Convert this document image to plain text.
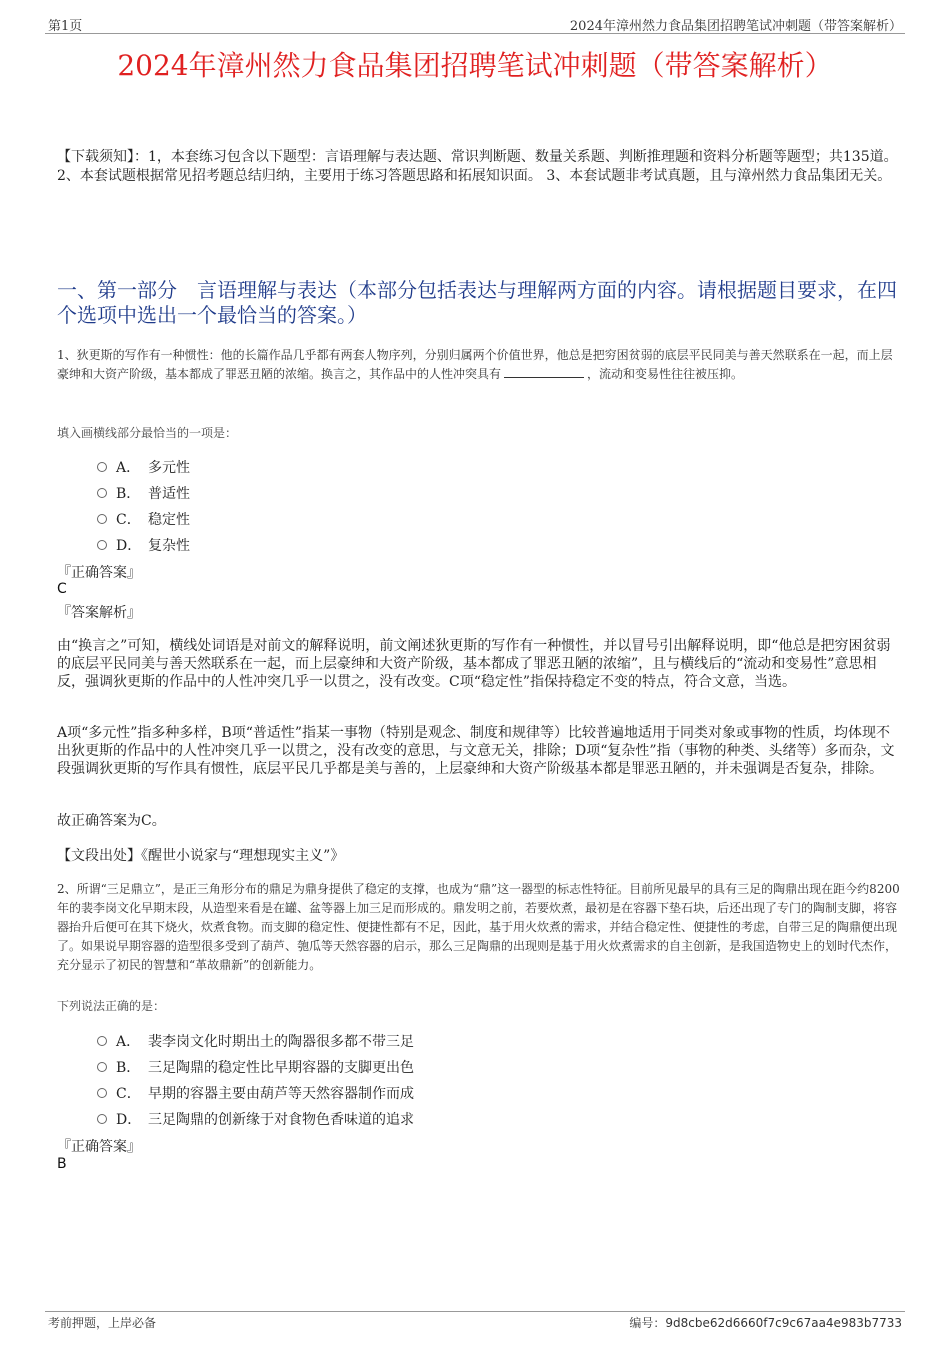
第1页	2024年漳州然力食品集团招聘笔试冲刺题（带答案解析）
2024年漳州然力食品集团招聘笔试冲刺题（带答案解析）
【下载须知】：1，本套练习包含以下题型：言语理解与表达题、常识判断题、数量关系题、判断推理题和资料分析题等题型；共135道。 2、本套试题根据常见招考题总结归纳，主要用于练习答题思路和拓展知识面。 3、本套试题非考试真题，且与漳州然力食品集团无关。
一、第一部分　言语理解与表达（本部分包括表达与理解两方面的内容。请根据题目要求，在四个选项中选出一个最恰当的答案。）
1、狄更斯的写作有一种惯性：他的长篇作品几乎都有两套人物序列，分别归属两个价值世界，他总是把穷困贫弱的底层平民同美与善天然联系在一起，而上层豪绅和大资产阶级，基本都成了罪恶丑陋的浓缩。换言之，其作品中的人性冲突具有	，流动和变易性往往被压抑。
填入画横线部分最恰当的一项是：
A． 多元性
B． 普适性
C． 稳定性
D． 复杂性
『正确答案』
C
『答案解析』
由“换言之”可知，横线处词语是对前文的解释说明，前文阐述狄更斯的写作有一种惯性，并以冒号引出解释说明，即“他总是把穷困贫弱的底层平民同美与善天然联系在一起，而上层豪绅和大资产阶级，基本都成了罪恶丑陋的浓缩”，且与横线后的“流动和变易性”意思相反，强调狄更斯的作品中的人性冲突几乎一以贯之，没有改变。C项“稳定性”指保持稳定不变的特点，符合文意，当选。
A项“多元性”指多种多样，B项“普适性”指某一事物（特别是观念、制度和规律等）比较普遍地适用于同类对象或事物的性质，均体现不出狄更斯的作品中的人性冲突几乎一以贯之，没有改变的意思，与文意无关，排除；D项“复杂性”指（事物的种类、头绪等）多而杂，文段强调狄更斯的写作具有惯性，底层平民几乎都是美与善的，上层豪绅和大资产阶级基本都是罪恶丑陋的，并未强调是否复杂，排除。
故正确答案为C。
【文段出处】《醒世小说家与“理想现实主义”》
2、所谓“三足鼎立”，是正三角形分布的鼎足为鼎身提供了稳定的支撑，也成为“鼎”这一器型的标志性特征。目前所见最早的具有三足的陶鼎出现在距今约8200年的裴李岗文化早期末段，从造型来看是在罐、盆等器上加三足而形成的。鼎发明之前，若要炊煮，最初是在容器下垫石块，后还出现了专门的陶制支脚，将容器抬升后便可在其下烧火，炊煮食物。而支脚的稳定性、便捷性都有不足，因此，基于用火炊煮的需求，并结合稳定性、便捷性的考虑，自带三足的陶鼎便出现了。如果说早期容器的造型很多受到了葫芦、匏瓜等天然容器的启示，那么三足陶鼎的出现则是基于用火炊煮需求的自主创新，是我国造物史上的划时代杰作，充分显示了初民的智慧和“革故鼎新”的创新能力。
下列说法正确的是：
A． 裴李岗文化时期出土的陶器很多都不带三足
B． 三足陶鼎的稳定性比早期容器的支脚更出色
C． 早期的容器主要由葫芦等天然容器制作而成
D． 三足陶鼎的创新缘于对食物色香味道的追求
『正确答案』
B
考前押题，上岸必备	编号：9d8cbe62d6660f7c9c67aa4e983b7733
